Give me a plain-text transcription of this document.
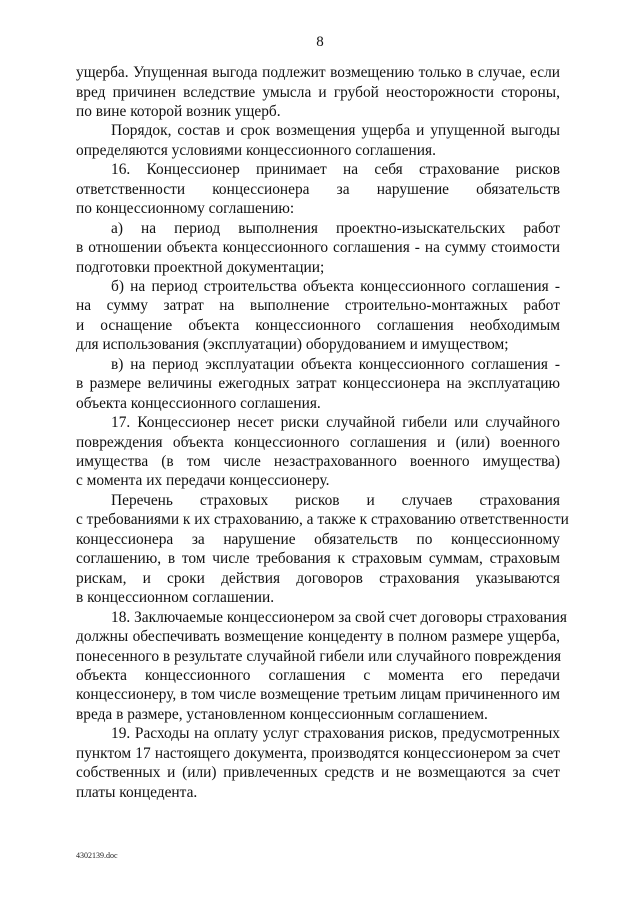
8
ущерба. Упущенная выгода подлежит возмещению только в случае, если
вред причинен вследствие умысла и грубой неосторожности стороны,
по вине которой возник ущерб.
Порядок, состав и срок возмещения ущерба и упущенной выгоды
определяются условиями концессионного соглашения.
16. Концессионер принимает на себя страхование рисков
ответственности концессионера за нарушение обязательств
по концессионному соглашению:
а) на период выполнения проектно-изыскательских работ
в отношении объекта концессионного соглашения - на сумму стоимости
подготовки проектной документации;
б) на период строительства объекта концессионного соглашения -
на сумму затрат на выполнение строительно-монтажных работ
и оснащение объекта концессионного соглашения необходимым
для использования (эксплуатации) оборудованием и имуществом;
в) на период эксплуатации объекта концессионного соглашения -
в размере величины ежегодных затрат концессионера на эксплуатацию
объекта концессионного соглашения.
17. Концессионер несет риски случайной гибели или случайного
повреждения объекта концессионного соглашения и (или) военного
имущества (в том числе незастрахованного военного имущества)
с момента их передачи концессионеру.
Перечень страховых рисков и случаев страхования
с требованиями к их страхованию, а также к страхованию ответственности
концессионера за нарушение обязательств по концессионному
соглашению, в том числе требования к страховым суммам, страховым
рискам, и сроки действия договоров страхования указываются
в концессионном соглашении.
18. Заключаемые концессионером за свой счет договоры страхования
должны обеспечивать возмещение концеденту в полном размере ущерба,
понесенного в результате случайной гибели или случайного повреждения
объекта концессионного соглашения с момента его передачи
концессионеру, в том числе возмещение третьим лицам причиненного им
вреда в размере, установленном концессионным соглашением.
19. Расходы на оплату услуг страхования рисков, предусмотренных
пунктом 17 настоящего документа, производятся концессионером за счет
собственных и (или) привлеченных средств и не возмещаются за счет
платы концедента.
4302139.doc
